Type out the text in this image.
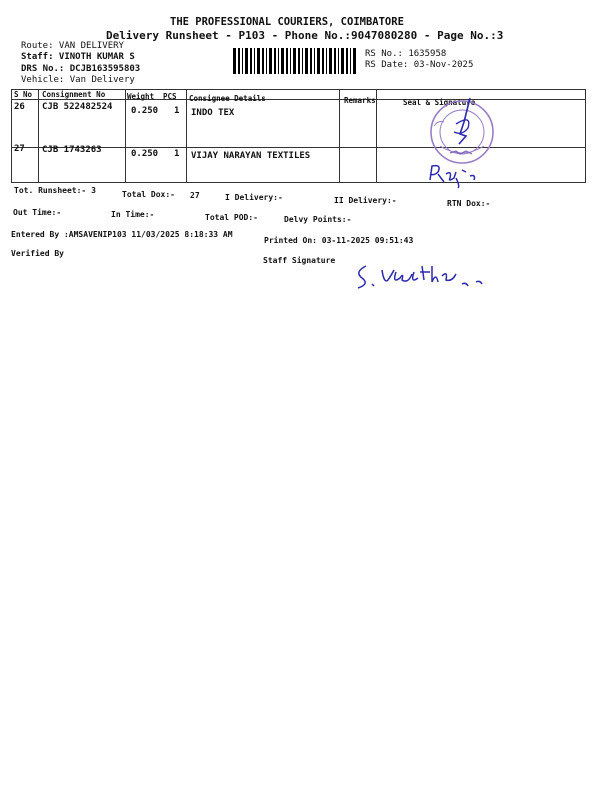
THE PROFESSIONAL COURIERS, COIMBATORE
Delivery Runsheet - P103 - Phone No.:9047080280 - Page No.:3
Route: VAN DELIVERY
Staff: VINOTH KUMAR S
DRS No.: DCJB163595803
Vehicle: Van Delivery
RS No.: 1635958
RS Date: 03-Nov-2025
S No Consignment No	Weight PCS Consignee Details	Remarks	Seal & Signature
26 CJB 522482524 0.250 1 INDO TEX
27 CJB 1743263	0.250 1 VIJAY NARAYAN TEXTILES
Tot. Runsheet:- 3	Total Dox:- 27	I Delivery:-	II Delivery:-	RTN Dox:-
Out Time:-	In Time:-	Total POD:-	Delvy Points:-
Entered By :AMSAVENIP103 11/03/2025 8:18:33 AM
Printed On: 03-11-2025 09:51:43
Verified By
Staff Signature
